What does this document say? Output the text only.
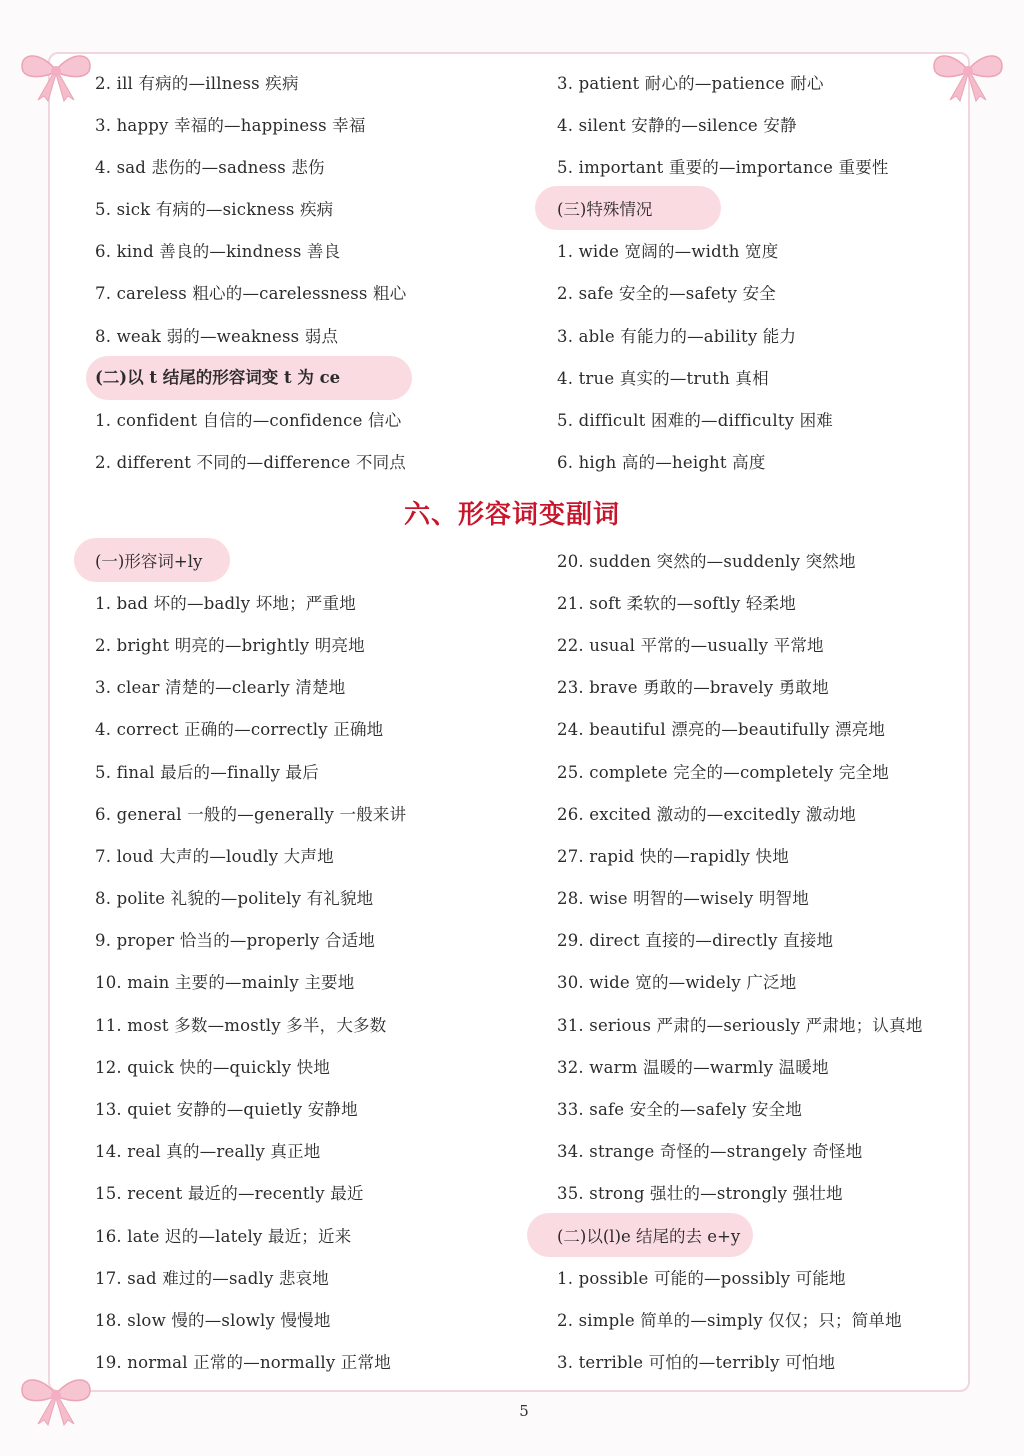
2. ill 有病的—illness 疾病
3. happy 幸福的—happiness 幸福
4. sad 悲伤的—sadness 悲伤
5. sick 有病的—sickness 疾病
6. kind 善良的—kindness 善良
7. careless 粗心的—carelessness 粗心
8. weak 弱的—weakness 弱点
(二)以 t 结尾的形容词变 t 为 ce
1. confident 自信的—confidence 信心
2. different 不同的—difference 不同点
3. patient 耐心的—patience 耐心
4. silent 安静的—silence 安静
5. important 重要的—importance 重要性
(三)特殊情况
1. wide 宽阔的—width 宽度
2. safe 安全的—safety 安全
3. able 有能力的—ability 能力
4. true 真实的—truth 真相
5. difficult 困难的—difficulty 困难
6. high 高的—height 高度
六、形容词变副词
(一)形容词+ly
1. bad 坏的—badly 坏地；严重地
2. bright 明亮的—brightly 明亮地
3. clear 清楚的—clearly 清楚地
4. correct 正确的—correctly 正确地
5. final 最后的—finally 最后
6. general 一般的—generally 一般来讲
7. loud 大声的—loudly 大声地
8. polite 礼貌的—politely 有礼貌地
9. proper 恰当的—properly 合适地
10. main 主要的—mainly 主要地
11. most 多数—mostly 多半，大多数
12. quick 快的—quickly 快地
13. quiet 安静的—quietly 安静地
14. real 真的—really 真正地
15. recent 最近的—recently 最近
16. late 迟的—lately 最近；近来
17. sad 难过的—sadly 悲哀地
18. slow 慢的—slowly 慢慢地
19. normal 正常的—normally 正常地
20. sudden 突然的—suddenly 突然地
21. soft 柔软的—softly 轻柔地
22. usual 平常的—usually 平常地
23. brave 勇敢的—bravely 勇敢地
24. beautiful 漂亮的—beautifully 漂亮地
25. complete 完全的—completely 完全地
26. excited 激动的—excitedly 激动地
27. rapid 快的—rapidly 快地
28. wise 明智的—wisely 明智地
29. direct 直接的—directly 直接地
30. wide 宽的—widely 广泛地
31. serious 严肃的—seriously 严肃地；认真地
32. warm 温暖的—warmly 温暖地
33. safe 安全的—safely 安全地
34. strange 奇怪的—strangely 奇怪地
35. strong 强壮的—strongly 强壮地
(二)以(l)e 结尾的去 e+y
1. possible 可能的—possibly 可能地
2. simple 简单的—simply 仅仅；只；简单地
3. terrible 可怕的—terribly 可怕地
5
